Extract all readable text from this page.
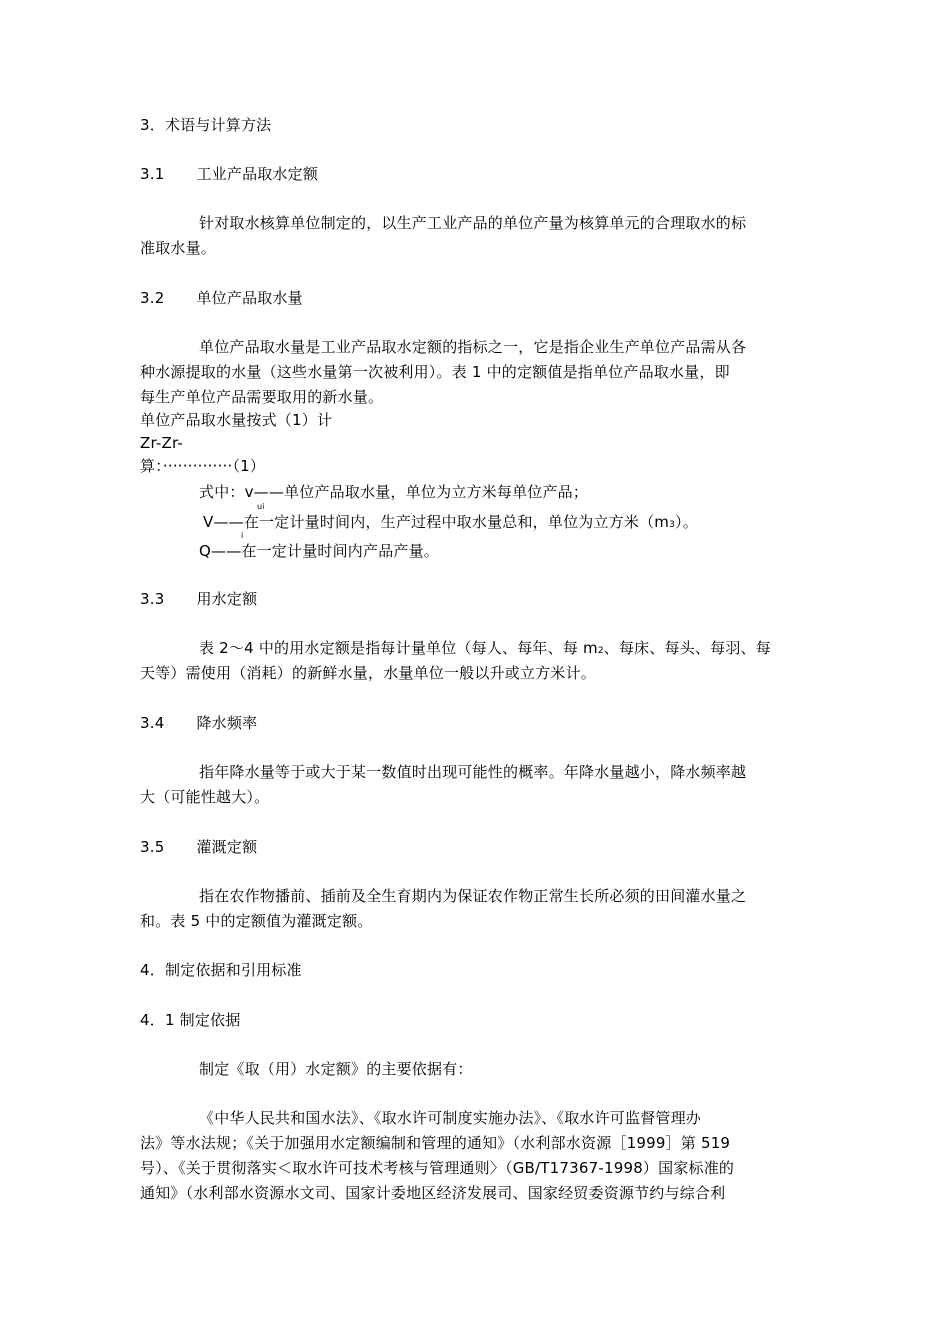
3．术语与计算方法
3.1 工业产品取水定额
针对取水核算单位制定的，以生产工业产品的单位产量为核算单元的合理取水的标
准取水量。
3.2 单位产品取水量
单位产品取水量是工业产品取水定额的指标之一，它是指企业生产单位产品需从各
种水源提取的水量（这些水量第一次被利用）。表 1 中的定额值是指单位产品取水量，即
每生产单位产品需要取用的新水量。
单位产品取水量按式（1）计
Zr-Zr-
算：··············（1）
式中：v——单位产品取水量，单位为立方米每单位产品；
ui
V——在一定计量时间内，生产过程中取水量总和，单位为立方米（m3）。
i
Q——在一定计量时间内产品产量。
3.3 用水定额
表 2～4 中的用水定额是指每计量单位（每人、每年、每 m2、每床、每头、每羽、每
天等）需使用（消耗）的新鲜水量，水量单位一般以升或立方米计。
3.4 降水频率
指年降水量等于或大于某一数值时出现可能性的概率。年降水量越小，降水频率越
大（可能性越大）。
3.5 灌溉定额
指在农作物播前、插前及全生育期内为保证农作物正常生长所必须的田间灌水量之
和。表 5 中的定额值为灌溉定额。
4．制定依据和引用标准
4．1 制定依据
制定《取（用）水定额》的主要依据有：
《中华人民共和国水法》、《取水许可制度实施办法》、《取水许可监督管理办
法》等水法规；《关于加强用水定额编制和管理的通知》（水利部水资源［1999］第 519
号）、《关于贯彻落实＜取水许可技术考核与管理通则〉（GB/T17367-1998）国家标准的
通知》（水利部水资源水文司、国家计委地区经济发展司、国家经贸委资源节约与综合利
